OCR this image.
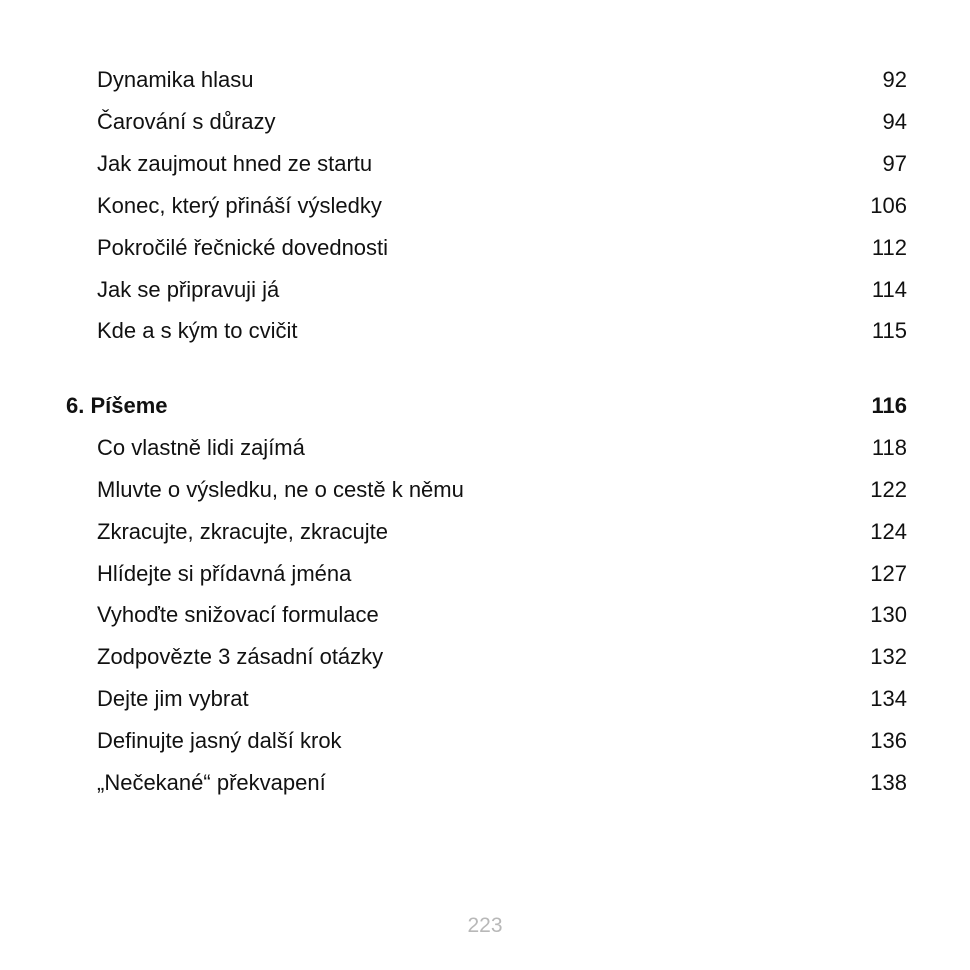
Dynamika hlasu	92
Čarování s důrazy	94
Jak zaujmout hned ze startu	97
Konec, který přináší výsledky	106
Pokročilé řečnické dovednosti	112
Jak se připravuji já	114
Kde a s kým to cvičit	115
6. Píšeme	116
Co vlastně lidi zajímá	118
Mluvte o výsledku, ne o cestě k němu	122
Zkracujte, zkracujte, zkracujte	124
Hlídejte si přídavná jména	127
Vyhoďte snižovací formulace	130
Zodpovězte 3 zásadní otázky	132
Dejte jim vybrat	134
Definujte jasný další krok	136
„Nečekané“ překvapení	138
223
